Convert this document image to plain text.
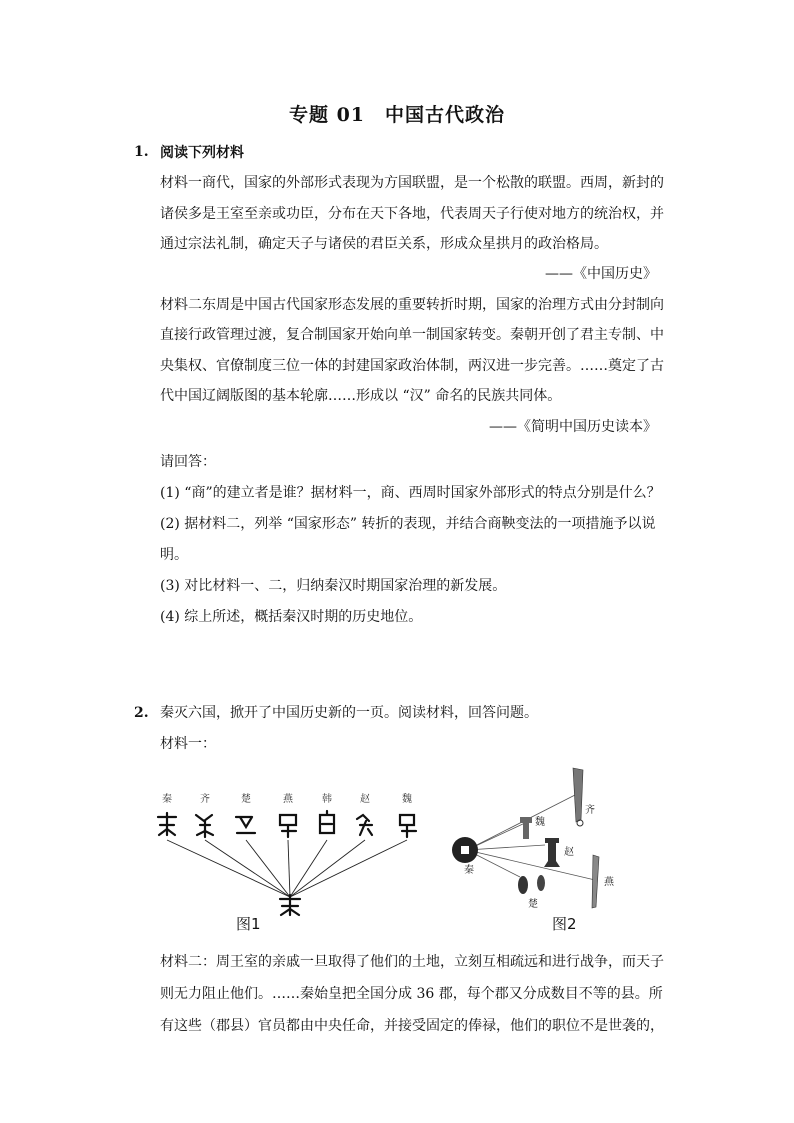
专题 01　中国古代政治
1. 阅读下列材料
材料一商代，国家的外部形式表现为方国联盟，是一个松散的联盟。西周，新封的
诸侯多是王室至亲或功臣，分布在天下各地，代表周天子行使对地方的统治权，并
通过宗法礼制，确定天子与诸侯的君臣关系，形成众星拱月的政治格局。
——《中国历史》
材料二东周是中国古代国家形态发展的重要转折时期，国家的治理方式由分封制向
直接行政管理过渡，复合制国家开始向单一制国家转变。秦朝开创了君主专制、中
央集权、官僚制度三位一体的封建国家政治体制，两汉进一步完善。……奠定了古
代中国辽阔版图的基本轮廓……形成以 “汉” 命名的民族共同体。
——《简明中国历史读本》
请回答：
(1) “商”的建立者是谁？据材料一，商、西周时国家外部形式的特点分别是什么？
(2) 据材料二，列举 “国家形态” 转折的表现，并结合商鞅变法的一项措施予以说
明。
(3) 对比材料一、二，归纳秦汉时期国家治理的新发展。
(4) 综上所述，概括秦汉时期的历史地位。
2. 秦灭六国，掀开了中国历史新的一页。阅读材料，回答问题。
材料一：
秦	齐	楚	燕	韩	赵	魏
图1
秦
齐
魏
赵
燕
楚
图2
材料二：周王室的亲戚一旦取得了他们的土地，立刻互相疏远和进行战争，而天子
则无力阻止他们。……秦始皇把全国分成 36 郡，每个郡又分成数目不等的县。所
有这些（郡县）官员都由中央任命，并接受固定的俸禄，他们的职位不是世袭的，
